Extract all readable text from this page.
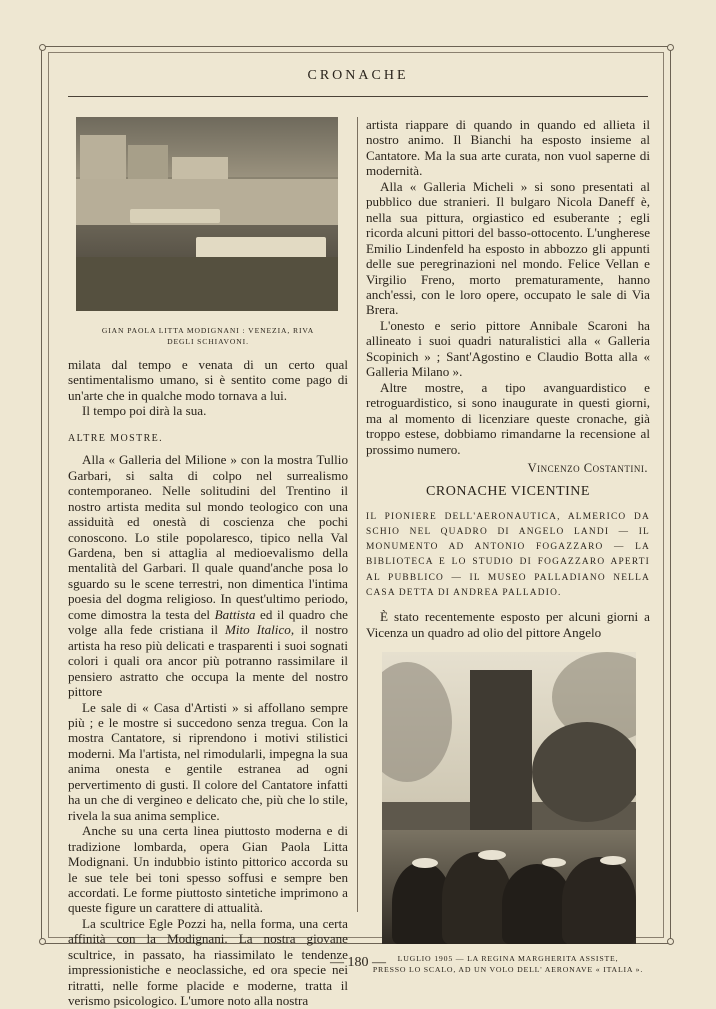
CRONACHE
GIAN PAOLA LITTA MODIGNANI : VENEZIA, RIVA
DEGLI SCHIAVONI.

milata dal tempo e venata di un certo qual sentimentalismo umano, si è sentito come pago di un'arte che in qualche modo tornava a lui.

Il tempo poi dirà la sua.

ALTRE MOSTRE.

Alla « Galleria del Milione » con la mostra Tullio Garbari, si salta di colpo nel surrealismo contemporaneo. Nelle solitudini del Trentino il nostro artista medita sul mondo teologico con una assiduità ed onestà di coscienza che pochi conoscono. Lo stile popolaresco, tipico nella Val Gardena, ben si attaglia al medioevalismo della mentalità del Garbari. Il quale quand'anche posa lo sguardo su le scene terrestri, non dimentica l'intima poesia del dogma religioso. In quest'ultimo periodo, come dimostra la testa del Battista ed il quadro che volge alla fede cristiana il Mito Italico, il nostro artista ha reso più delicati e trasparenti i suoi sognati colori i quali ora ancor più potranno rassimilare il pensiero astratto che occupa la mente del nostro pittore

Le sale di « Casa d'Artisti » si affollano sempre più ; e le mostre si succedono senza tregua. Con la mostra Cantatore, si riprendono i motivi stilistici moderni. Ma l'artista, nel rimodularli, impegna la sua anima onesta e gentile estranea ad ogni pervertimento di gusti. Il colore del Cantatore infatti ha un che di vergineo e delicato che, più che lo stile, rivela la sua anima semplice.

Anche su una certa linea piuttosto moderna e di tradizione lombarda, opera Gian Paola Litta Modignani. Un indubbio istinto pittorico accorda su le sue tele bei toni spesso soffusi e sempre ben accordati. Le forme piuttosto sintetiche imprimono a queste figure un carattere di attualità.

La scultrice Egle Pozzi ha, nella forma, una certa affinità con la Modignani. La nostra giovane scultrice, in passato, ha riassimilato le tendenze impressionistiche e neoclassiche, ed ora specie nei ritratti, nelle forme placide e moderne, tratta il verismo psicologico. L'umore noto alla nostra

artista riappare di quando in quando ed allieta il nostro animo. Il Bianchi ha esposto insieme al Cantatore. Ma la sua arte curata, non vuol saperne di modernità.

Alla « Galleria Micheli » si sono presentati al pubblico due stranieri. Il bulgaro Nicola Daneff è, nella sua pittura, orgiastico ed esuberante ; egli ricorda alcuni pittori del basso-ottocento. L'ungherese Emilio Lindenfeld ha esposto in abbozzo gli appunti delle sue peregrinazioni nel mondo. Felice Vellan e Virgilio Freno, morto prematuramente, hanno anch'essi, con le loro opere, occupato le sale di Via Brera.

L'onesto e serio pittore Annibale Scaroni ha allineato i suoi quadri naturalistici alla « Galleria Scopinich » ; Sant'Agostino e Claudio Botta alla « Galleria Milano ».

Altre mostre, a tipo avanguardistico e retroguardistico, si sono inaugurate in questi giorni, ma al momento di licenziare queste cronache, già troppo estese, dobbiamo rimandarne la recensione al prossimo numero.

Vincenzo Costantini.
CRONACHE VICENTINE
IL PIONIERE DELL'AERONAUTICA, ALMERICO DA SCHIO NEL QUADRO DI ANGELO LANDI — IL MONUMENTO AD ANTONIO FOGAZZARO — LA BIBLIOTECA E LO STUDIO DI FOGAZZARO APERTI AL PUBBLICO — IL MUSEO PALLADIANO NELLA CASA DETTA DI ANDREA PALLADIO.

È stato recentemente esposto per alcuni giorni a Vicenza un quadro ad olio del pittore Angelo

LUGLIO 1905 — LA REGINA MARGHERITA ASSISTE,
PRESSO LO SCALO, AD UN VOLO DELL' AERONAVE « ITALIA ».
— 180 —
